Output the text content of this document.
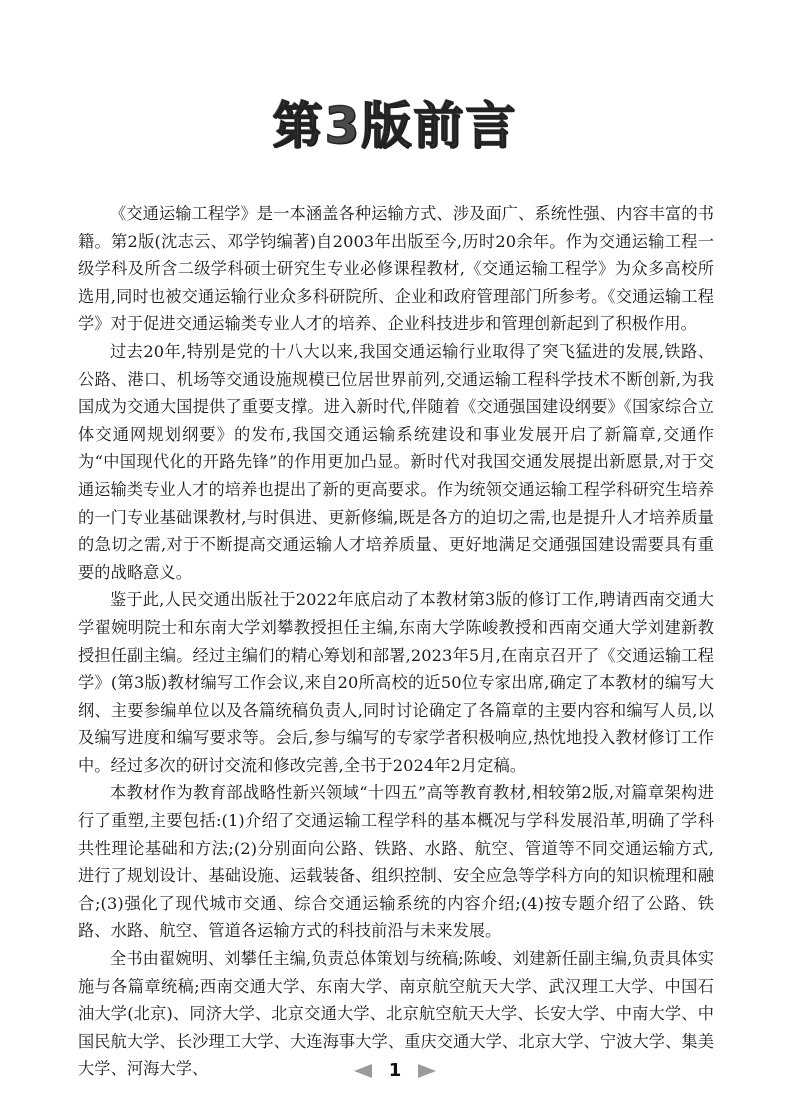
第3版前言

《交通运输工程学》是一本涵盖各种运输方式、涉及面广、系统性强、内容丰富的书籍。第2版(沈志云、邓学钧编著)自2003年出版至今,历时20余年。作为交通运输工程一级学科及所含二级学科硕士研究生专业必修课程教材,《交通运输工程学》为众多高校所选用,同时也被交通运输行业众多科研院所、企业和政府管理部门所参考。《交通运输工程学》对于促进交通运输类专业人才的培养、企业科技进步和管理创新起到了积极作用。

过去20年,特别是党的十八大以来,我国交通运输行业取得了突飞猛进的发展,铁路、公路、港口、机场等交通设施规模已位居世界前列,交通运输工程科学技术不断创新,为我国成为交通大国提供了重要支撑。进入新时代,伴随着《交通强国建设纲要》《国家综合立体交通网规划纲要》的发布,我国交通运输系统建设和事业发展开启了新篇章,交通作为“中国现代化的开路先锋”的作用更加凸显。新时代对我国交通发展提出新愿景,对于交通运输类专业人才的培养也提出了新的更高要求。作为统领交通运输工程学科研究生培养的一门专业基础课教材,与时俱进、更新修编,既是各方的迫切之需,也是提升人才培养质量的急切之需,对于不断提高交通运输人才培养质量、更好地满足交通强国建设需要具有重要的战略意义。

鉴于此,人民交通出版社于2022年底启动了本教材第3版的修订工作,聘请西南交通大学翟婉明院士和东南大学刘攀教授担任主编,东南大学陈峻教授和西南交通大学刘建新教授担任副主编。经过主编们的精心筹划和部署,2023年5月,在南京召开了《交通运输工程学》(第3版)教材编写工作会议,来自20所高校的近50位专家出席,确定了本教材的编写大纲、主要参编单位以及各篇统稿负责人,同时讨论确定了各篇章的主要内容和编写人员,以及编写进度和编写要求等。会后,参与编写的专家学者积极响应,热忱地投入教材修订工作中。经过多次的研讨交流和修改完善,全书于2024年2月定稿。

本教材作为教育部战略性新兴领域“十四五”高等教育教材,相较第2版,对篇章架构进行了重塑,主要包括:(1)介绍了交通运输工程学科的基本概况与学科发展沿革,明确了学科共性理论基础和方法;(2)分别面向公路、铁路、水路、航空、管道等不同交通运输方式,进行了规划设计、基础设施、运载装备、组织控制、安全应急等学科方向的知识梳理和融合;(3)强化了现代城市交通、综合交通运输系统的内容介绍;(4)按专题介绍了公路、铁路、水路、航空、管道各运输方式的科技前沿与未来发展。

全书由翟婉明、刘攀任主编,负责总体策划与统稿;陈峻、刘建新任副主编,负责具体实施与各篇章统稿;西南交通大学、东南大学、南京航空航天大学、武汉理工大学、中国石油大学(北京)、同济大学、北京交通大学、北京航空航天大学、长安大学、中南大学、中国民航大学、长沙理工大学、大连海事大学、重庆交通大学、北京大学、宁波大学、集美大学、河海大学、	1
